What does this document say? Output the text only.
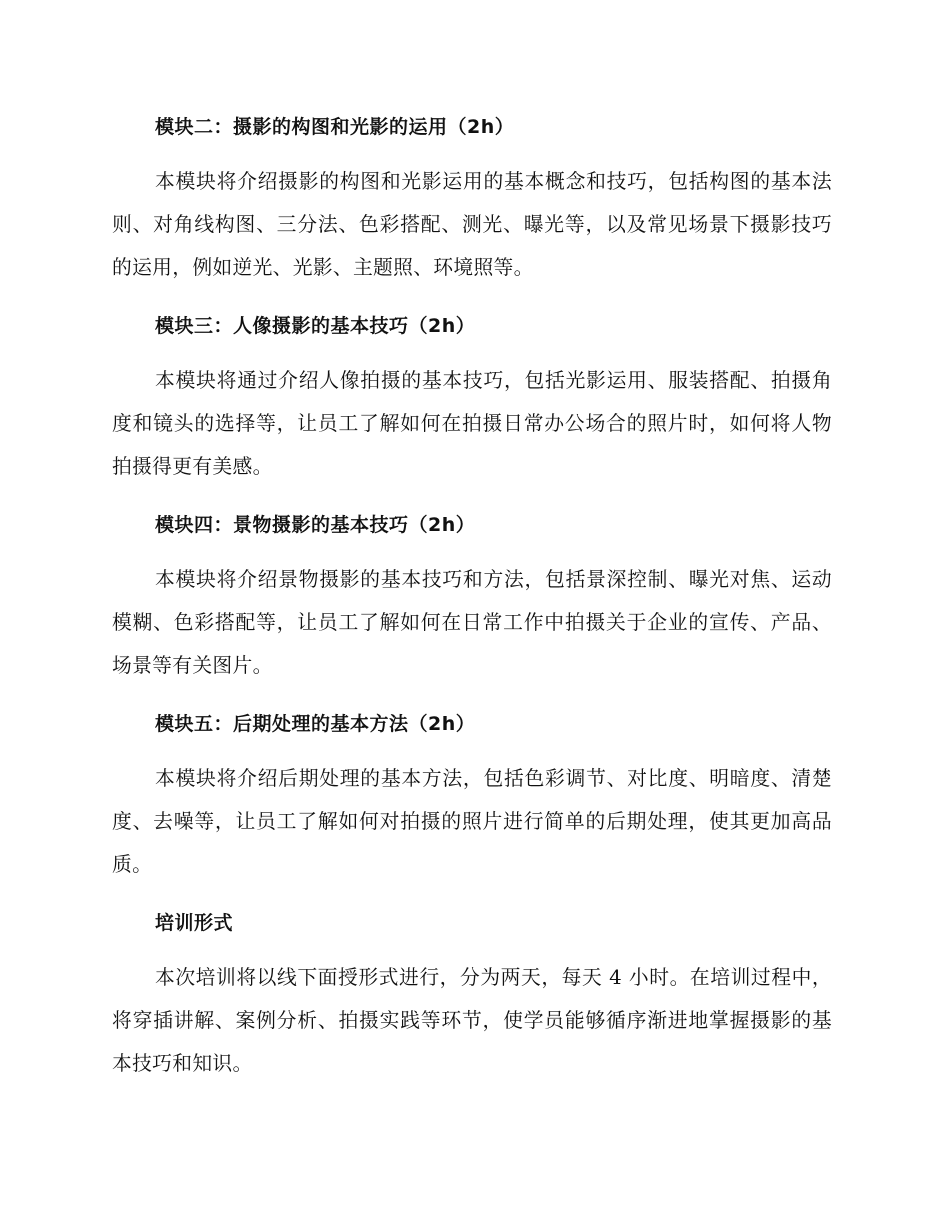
模块二：摄影的构图和光影的运用（2h）

本模块将介绍摄影的构图和光影运用的基本概念和技巧，包括构图的基本法则、对角线构图、三分法、色彩搭配、测光、曝光等，以及常见场景下摄影技巧的运用，例如逆光、光影、主题照、环境照等。

模块三：人像摄影的基本技巧（2h）

本模块将通过介绍人像拍摄的基本技巧，包括光影运用、服装搭配、拍摄角度和镜头的选择等，让员工了解如何在拍摄日常办公场合的照片时，如何将人物拍摄得更有美感。

模块四：景物摄影的基本技巧（2h）

本模块将介绍景物摄影的基本技巧和方法，包括景深控制、曝光对焦、运动模糊、色彩搭配等，让员工了解如何在日常工作中拍摄关于企业的宣传、产品、场景等有关图片。

模块五：后期处理的基本方法（2h）

本模块将介绍后期处理的基本方法，包括色彩调节、对比度、明暗度、清楚度、去噪等，让员工了解如何对拍摄的照片进行简单的后期处理，使其更加高品质。

培训形式

本次培训将以线下面授形式进行，分为两天，每天 4 小时。在培训过程中，将穿插讲解、案例分析、拍摄实践等环节，使学员能够循序渐进地掌握摄影的基本技巧和知识。
